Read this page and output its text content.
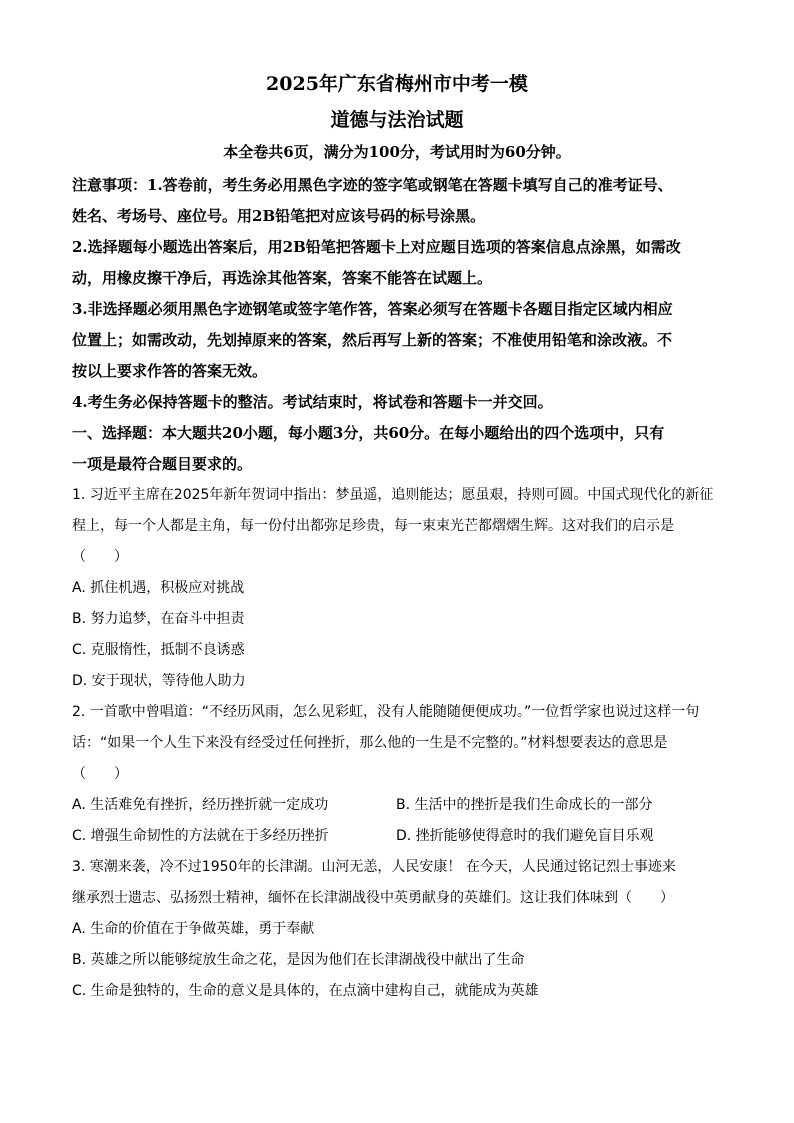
2025年广东省梅州市中考一模

道德与法治试题

本全卷共6页，满分为100分，考试用时为60分钟。

注意事项：1.答卷前，考生务必用黑色字迹的签字笔或钢笔在答题卡填写自己的准考证号、

姓名、考场号、座位号。用2B铅笔把对应该号码的标号涂黑。

2.选择题每小题选出答案后，用2B铅笔把答题卡上对应题目选项的答案信息点涂黑，如需改

动，用橡皮擦干净后，再选涂其他答案，答案不能答在试题上。

3.非选择题必须用黑色字迹钢笔或签字笔作答，答案必须写在答题卡各题目指定区域内相应

位置上；如需改动，先划掉原来的答案，然后再写上新的答案；不准使用铅笔和涂改液。不

按以上要求作答的答案无效。

4.考生务必保持答题卡的整洁。考试结束时，将试卷和答题卡一并交回。

一、选择题：本大题共20小题，每小题3分，共60分。在每小题给出的四个选项中，只有

一项是最符合题目要求的。

1. 习近平主席在2025年新年贺词中指出：梦虽遥，追则能达；愿虽艰，持则可圆。中国式现代化的新征

程上，每一个人都是主角，每一份付出都弥足珍贵，每一束束光芒都熠熠生辉。这对我们的启示是

（　　）

A. 抓住机遇，积极应对挑战

B. 努力追梦，在奋斗中担责

C. 克服惰性，抵制不良诱惑

D. 安于现状，等待他人助力

2. 一首歌中曾唱道：“不经历风雨，怎么见彩虹，没有人能随随便便成功。”一位哲学家也说过这样一句

话：“如果一个人生下来没有经受过任何挫折，那么他的一生是不完整的。”材料想要表达的意思是

（　　）

A. 生活难免有挫折，经历挫折就一定成功	B. 生活中的挫折是我们生命成长的一部分

C. 增强生命韧性的方法就在于多经历挫折	D. 挫折能够使得意时的我们避免盲目乐观

3. 寒潮来袭，冷不过1950年的长津湖。山河无恙，人民安康！ 在今天，人民通过铭记烈士事迹来

继承烈士遗志、弘扬烈士精神，缅怀在长津湖战役中英勇献身的英雄们。这让我们体味到（　　）

A. 生命的价值在于争做英雄，勇于奉献

B. 英雄之所以能够绽放生命之花，是因为他们在长津湖战役中献出了生命

C. 生命是独特的，生命的意义是具体的，在点滴中建构自己，就能成为英雄
